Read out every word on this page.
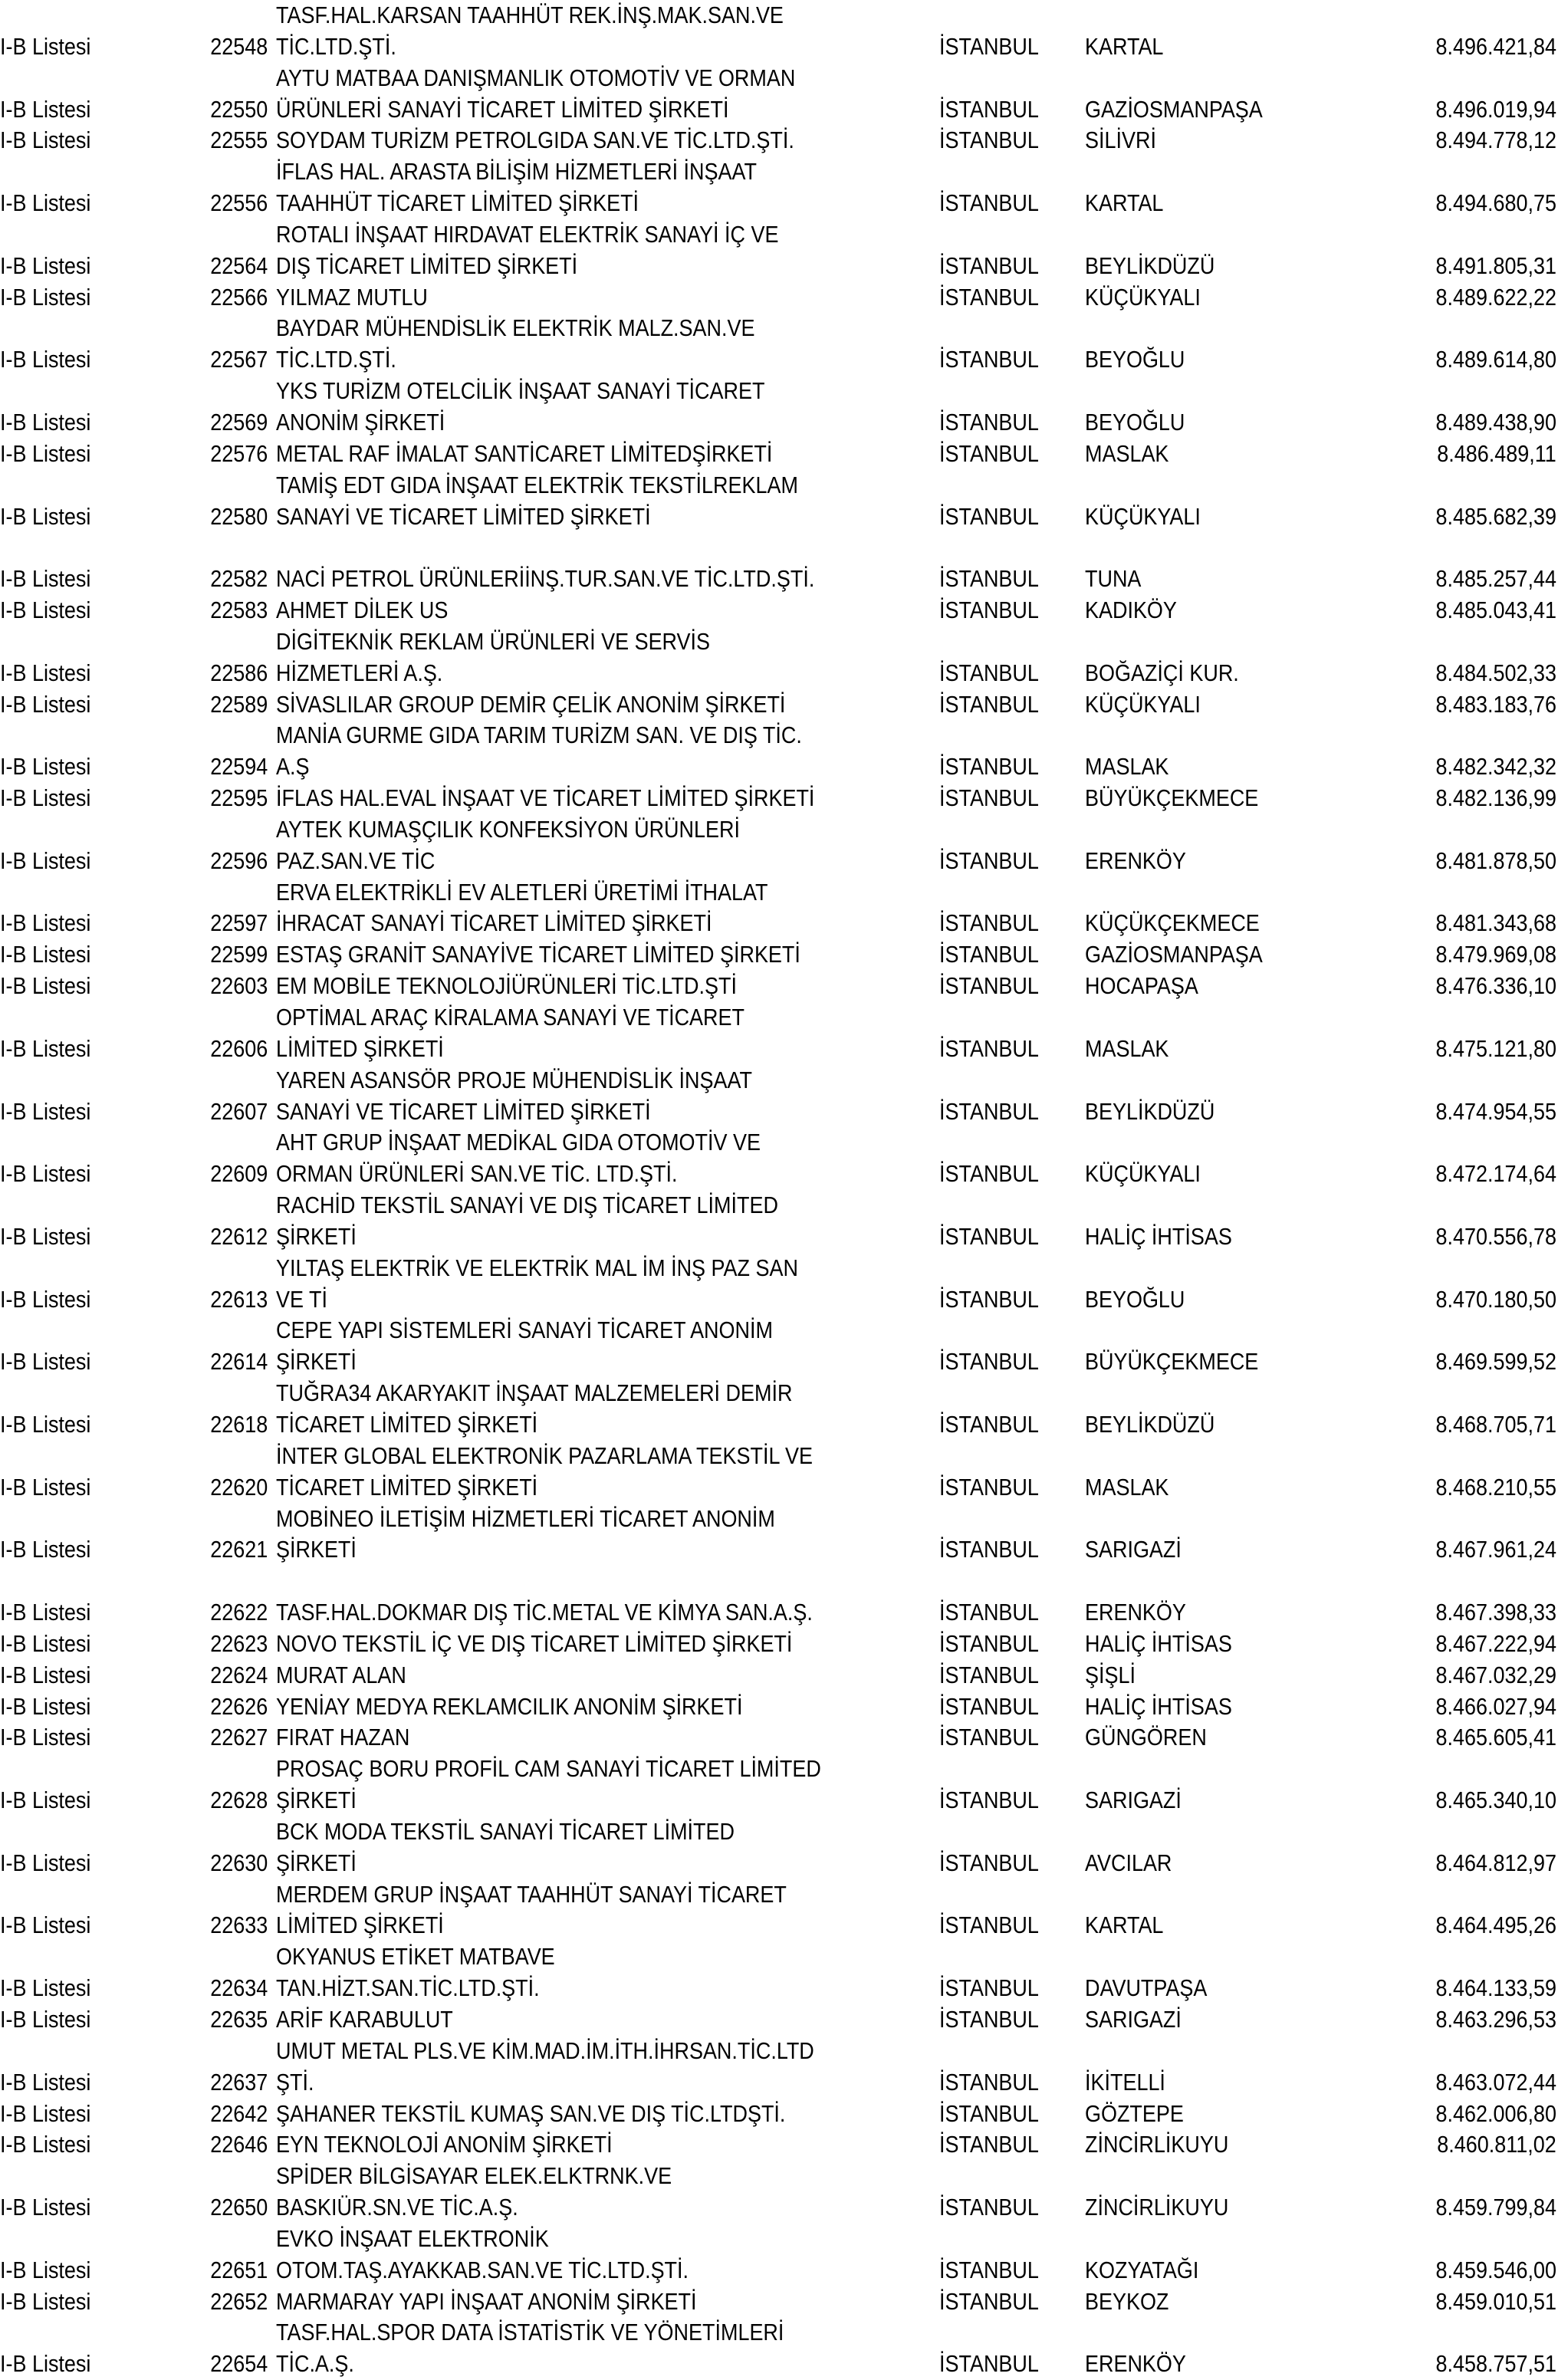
TASF.HAL.KARSAN TAAHHÜT REK.İNŞ.MAK.SAN.VE
I-B Listesi	22548 TİC.LTD.ŞTİ.	İSTANBUL KARTAL	8.496.421,84
AYTU MATBAA DANIŞMANLIK OTOMOTİV VE ORMAN
I-B Listesi	22550 ÜRÜNLERİ SANAYİ TİCARET LİMİTED ŞİRKETİ	İSTANBUL GAZİOSMANPAŞA	8.496.019,94
I-B Listesi	22555 SOYDAM TURİZM PETROLGIDA SAN.VE TİC.LTD.ŞTİ.	İSTANBUL SİLİVRİ	8.494.778,12
İFLAS HAL. ARASTA BİLİŞİM HİZMETLERİ İNŞAAT
I-B Listesi	22556 TAAHHÜT TİCARET LİMİTED ŞİRKETİ	İSTANBUL KARTAL	8.494.680,75
ROTALI İNŞAAT HIRDAVAT ELEKTRİK SANAYİ İÇ VE
I-B Listesi	22564 DIŞ TİCARET LİMİTED ŞİRKETİ	İSTANBUL BEYLİKDÜZÜ	8.491.805,31
I-B Listesi	22566 YILMAZ MUTLU	İSTANBUL KÜÇÜKYALI	8.489.622,22
BAYDAR MÜHENDİSLİK ELEKTRİK MALZ.SAN.VE
I-B Listesi	22567 TİC.LTD.ŞTİ.	İSTANBUL BEYOĞLU	8.489.614,80
YKS TURİZM OTELCİLİK İNŞAAT SANAYİ TİCARET
I-B Listesi	22569 ANONİM ŞİRKETİ	İSTANBUL BEYOĞLU	8.489.438,90
I-B Listesi	22576 METAL RAF İMALAT SANTİCARET LİMİTEDŞİRKETİ	İSTANBUL MASLAK	8.486.489,11
TAMİŞ EDT GIDA İNŞAAT ELEKTRİK TEKSTİLREKLAM
I-B Listesi	22580 SANAYİ VE TİCARET LİMİTED ŞİRKETİ	İSTANBUL KÜÇÜKYALI	8.485.682,39
I-B Listesi	22582 NACİ PETROL ÜRÜNLERİİNŞ.TUR.SAN.VE TİC.LTD.ŞTİ.	İSTANBUL TUNA	8.485.257,44
I-B Listesi	22583 AHMET DİLEK US	İSTANBUL KADIKÖY	8.485.043,41
DİGİTEKNİK REKLAM ÜRÜNLERİ VE SERVİS
I-B Listesi	22586 HİZMETLERİ A.Ş.	İSTANBUL BOĞAZİÇİ KUR.	8.484.502,33
I-B Listesi	22589 SİVASLILAR GROUP DEMİR ÇELİK ANONİM ŞİRKETİ	İSTANBUL KÜÇÜKYALI	8.483.183,76
MANİA GURME GIDA TARIM TURİZM SAN. VE DIŞ TİC.
I-B Listesi	22594 A.Ş	İSTANBUL MASLAK	8.482.342,32
I-B Listesi	22595 İFLAS HAL.EVAL İNŞAAT VE TİCARET LİMİTED ŞİRKETİ	İSTANBUL BÜYÜKÇEKMECE	8.482.136,99
AYTEK KUMAŞÇILIK KONFEKSİYON ÜRÜNLERİ
I-B Listesi	22596 PAZ.SAN.VE TİC	İSTANBUL ERENKÖY	8.481.878,50
ERVA ELEKTRİKLİ EV ALETLERİ ÜRETİMİ İTHALAT
I-B Listesi	22597 İHRACAT SANAYİ TİCARET LİMİTED ŞİRKETİ	İSTANBUL KÜÇÜKÇEKMECE	8.481.343,68
I-B Listesi	22599 ESTAŞ GRANİT SANAYİVE TİCARET LİMİTED ŞİRKETİ	İSTANBUL GAZİOSMANPAŞA	8.479.969,08
I-B Listesi	22603 EM MOBİLE TEKNOLOJİÜRÜNLERİ TİC.LTD.ŞTİ	İSTANBUL HOCAPAŞA	8.476.336,10
OPTİMAL ARAÇ KİRALAMA SANAYİ VE TİCARET
I-B Listesi	22606 LİMİTED ŞİRKETİ	İSTANBUL MASLAK	8.475.121,80
YAREN ASANSÖR PROJE MÜHENDİSLİK İNŞAAT
I-B Listesi	22607 SANAYİ VE TİCARET LİMİTED ŞİRKETİ	İSTANBUL BEYLİKDÜZÜ	8.474.954,55
AHT GRUP İNŞAAT MEDİKAL GIDA OTOMOTİV VE
I-B Listesi	22609 ORMAN ÜRÜNLERİ SAN.VE TİC. LTD.ŞTİ.	İSTANBUL KÜÇÜKYALI	8.472.174,64
RACHİD TEKSTİL SANAYİ VE DIŞ TİCARET LİMİTED
I-B Listesi	22612 ŞİRKETİ	İSTANBUL HALİÇ İHTİSAS	8.470.556,78
YILTAŞ ELEKTRİK VE ELEKTRİK MAL İM İNŞ PAZ SAN
I-B Listesi	22613 VE Tİ	İSTANBUL BEYOĞLU	8.470.180,50
CEPE YAPI SİSTEMLERİ SANAYİ TİCARET ANONİM
I-B Listesi	22614 ŞİRKETİ	İSTANBUL BÜYÜKÇEKMECE	8.469.599,52
TUĞRA34 AKARYAKIT İNŞAAT MALZEMELERİ DEMİR
I-B Listesi	22618 TİCARET LİMİTED ŞİRKETİ	İSTANBUL BEYLİKDÜZÜ	8.468.705,71
İNTER GLOBAL ELEKTRONİK PAZARLAMA TEKSTİL VE
I-B Listesi	22620 TİCARET LİMİTED ŞİRKETİ	İSTANBUL MASLAK	8.468.210,55
MOBİNEO İLETİŞİM HİZMETLERİ TİCARET ANONİM
I-B Listesi	22621 ŞİRKETİ	İSTANBUL SARIGAZİ	8.467.961,24
I-B Listesi	22622 TASF.HAL.DOKMAR DIŞ TİC.METAL VE KİMYA SAN.A.Ş.	İSTANBUL ERENKÖY	8.467.398,33
I-B Listesi	22623 NOVO TEKSTİL İÇ VE DIŞ TİCARET LİMİTED ŞİRKETİ	İSTANBUL HALİÇ İHTİSAS	8.467.222,94
I-B Listesi	22624 MURAT ALAN	İSTANBUL ŞİŞLİ	8.467.032,29
I-B Listesi	22626 YENİAY MEDYA REKLAMCILIK ANONİM ŞİRKETİ	İSTANBUL HALİÇ İHTİSAS	8.466.027,94
I-B Listesi	22627 FIRAT HAZAN	İSTANBUL GÜNGÖREN	8.465.605,41
PROSAÇ BORU PROFİL CAM SANAYİ TİCARET LİMİTED
I-B Listesi	22628 ŞİRKETİ	İSTANBUL SARIGAZİ	8.465.340,10
BCK MODA TEKSTİL SANAYİ TİCARET LİMİTED
I-B Listesi	22630 ŞİRKETİ	İSTANBUL AVCILAR	8.464.812,97
MERDEM GRUP İNŞAAT TAAHHÜT SANAYİ TİCARET
I-B Listesi	22633 LİMİTED ŞİRKETİ	İSTANBUL KARTAL	8.464.495,26
OKYANUS ETİKET MATBAVE
I-B Listesi	22634 TAN.HİZT.SAN.TİC.LTD.ŞTİ.	İSTANBUL DAVUTPAŞA	8.464.133,59
I-B Listesi	22635 ARİF KARABULUT	İSTANBUL SARIGAZİ	8.463.296,53
UMUT METAL PLS.VE KİM.MAD.İM.İTH.İHRSAN.TİC.LTD
I-B Listesi	22637 ŞTİ.	İSTANBUL İKİTELLİ	8.463.072,44
I-B Listesi	22642 ŞAHANER TEKSTİL KUMAŞ SAN.VE DIŞ TİC.LTDŞTİ.	İSTANBUL GÖZTEPE	8.462.006,80
I-B Listesi	22646 EYN TEKNOLOJİ ANONİM ŞİRKETİ	İSTANBUL ZİNCİRLİKUYU	8.460.811,02
SPİDER BİLGİSAYAR ELEK.ELKTRNK.VE
I-B Listesi	22650 BASKIÜR.SN.VE TİC.A.Ş.	İSTANBUL ZİNCİRLİKUYU	8.459.799,84
EVKO İNŞAAT ELEKTRONİK
I-B Listesi	22651 OTOM.TAŞ.AYAKKAB.SAN.VE TİC.LTD.ŞTİ.	İSTANBUL KOZYATAĞI	8.459.546,00
I-B Listesi	22652 MARMARAY YAPI İNŞAAT ANONİM ŞİRKETİ	İSTANBUL BEYKOZ	8.459.010,51
TASF.HAL.SPOR DATA İSTATİSTİK VE YÖNETİMLERİ
I-B Listesi	22654 TİC.A.Ş.	İSTANBUL ERENKÖY	8.458.757,51
